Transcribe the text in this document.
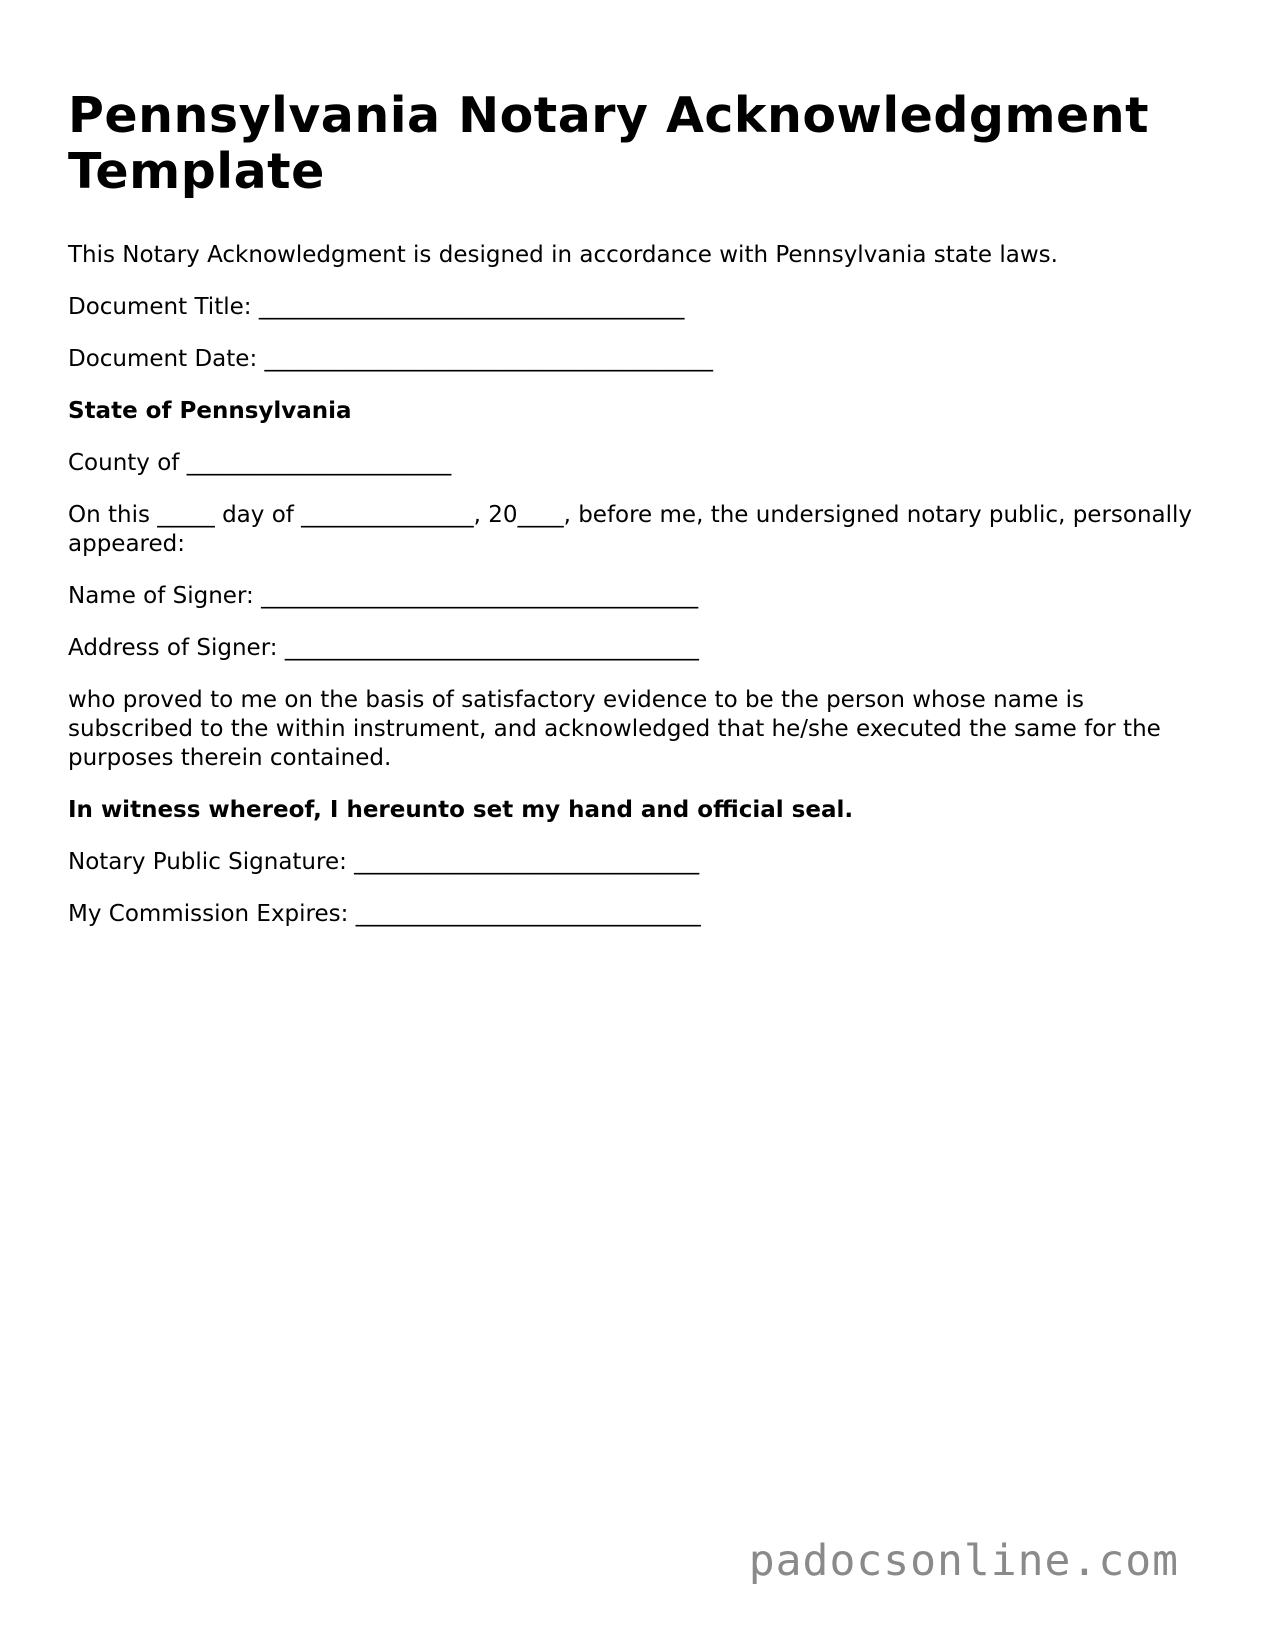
Pennsylvania Notary Acknowledgment Template

This Notary Acknowledgment is designed in accordance with Pennsylvania state laws.

Document Title: _____________________________________

Document Date: _______________________________________

State of Pennsylvania

County of _______________________

On this _____ day of _______________, 20____, before me, the undersigned notary public, personally appeared:

Name of Signer: ______________________________________

Address of Signer: ____________________________________

who proved to me on the basis of satisfactory evidence to be the person whose name is subscribed to the within instrument, and acknowledged that he/she executed the same for the purposes therein contained.

In witness whereof, I hereunto set my hand and official seal.

Notary Public Signature: ______________________________

My Commission Expires: ______________________________

padocsonline.com
